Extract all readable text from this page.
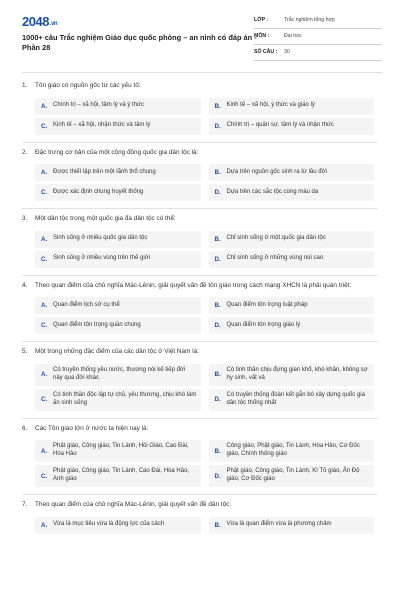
2048.vn
1000+ câu Trắc nghiệm Giáo dục quốc phòng – an ninh có đáp án - Phần 28
LỚP :	Trắc nghiệm tổng hợp
MÔN :	Đại học
SỐ CÂU : 30
1.	Tôn giáo có nguồn gốc từ các yếu tố:
A. Chính trị – xã hội, tâm lý và ý thức	B. Kinh tế – xã hội, ý thức và giáo lý
C. Kinh tế – xã hội, nhận thức và tâm lý	D. Chính trị – quân sự, tâm lý và nhận thức
2.	Đặc trưng cơ bản của một cộng đồng quốc gia dân tộc là:
A. Được thiết lập trên một lãnh thổ chung	B. Dựa trên nguồn gốc sinh ra từ lâu đời
C. Được xác định chung huyết thống	D. Dựa trên các sắc tộc cùng màu da
3.	Một dân tộc trong một quốc gia đa dân tộc có thể:
A. Sinh sống ở nhiều quốc gia dân tộc	B. Chỉ sinh sống ở một quốc gia dân tộc
C. Sinh sống ở nhiều vùng trên thế giới	D. Chỉ sinh sống ở những vùng núi cao
4.	Theo quan điểm của chủ nghĩa Mác-Lênin, giải quyết vấn đề tôn giáo trong cách mạng XHCN là phải quán triệt:
A. Quan điểm lịch sử cụ thể	B. Quan điểm tôn trọng luật pháp
C. Quan điểm tôn trọng quần chúng	D. Quan điểm tôn trọng giáo lý
5.	Một trong những đặc điểm của các dân tộc ở Việt Nam là:
A.
Có truyền thống yêu nước, thương nòi kế tiếp đời này qua đời khác	B.
Có tinh thần chịu đựng gian khổ, khó khăn, không sợ hy sinh, vất vả
C.
Có tinh thần độc lập tự chủ, yêu thương, chịu khó làm ăn sinh sống	D.
Có truyền thống đoàn kết gắn bó xây dựng quốc gia dân tộc thống nhất
6.	Các Tôn giáo lớn ở nước ta hiện nay là:
A.
Phật giáo, Công giáo, Tin Lành, Hồi Giáo, Cao Đài, Hòa Hảo	B.
Công giáo, Phật giáo, Tin Lành, Hòa Hảo, Cơ Đốc giáo, Chính thống giáo
C.
Phật giáo, Công giáo, Tin Lành, Cao Đài, Hòa Hảo, Anh giáo	D.
Phật giáo, Công giáo, Tin Lành, Kì Tô giáo, Ấn Độ giáo, Cơ Đốc giáo
7.	Theo quan điểm của chủ nghĩa Mác-Lênin, giải quyết vấn đề dân tộc:
A. Vừa là mục tiêu vừa là động lực của cách	B. Vừa là quan điểm vừa là phương châm
